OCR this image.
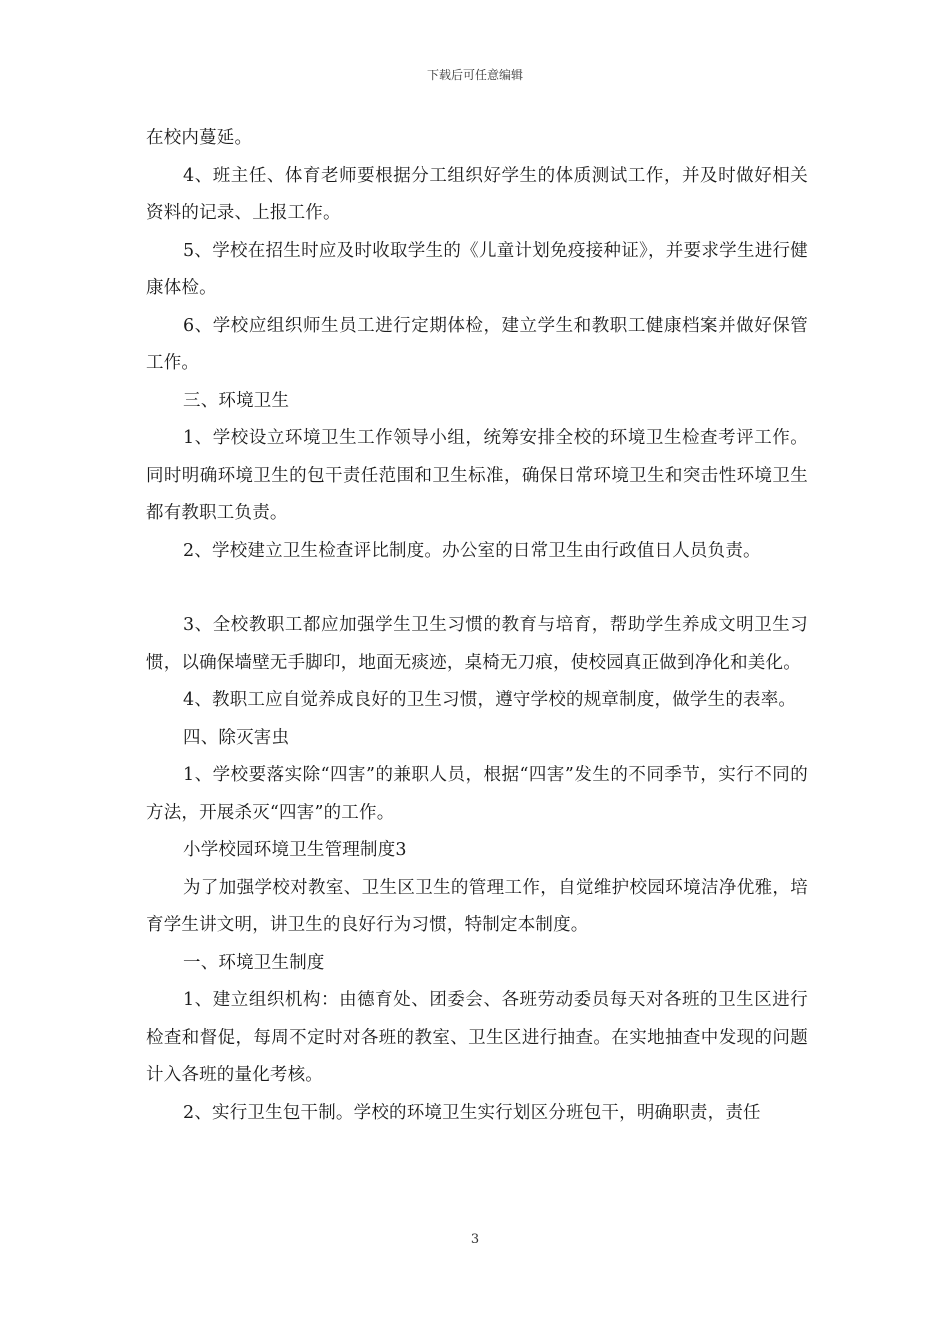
下载后可任意编辑

在校内蔓延。

4、班主任、体育老师要根据分工组织好学生的体质测试工作，并及时做好相关资料的记录、上报工作。

5、学校在招生时应及时收取学生的《儿童计划免疫接种证》，并要求学生进行健康体检。

6、学校应组织师生员工进行定期体检，建立学生和教职工健康档案并做好保管工作。

三、环境卫生

1、学校设立环境卫生工作领导小组，统筹安排全校的环境卫生检查考评工作。同时明确环境卫生的包干责任范围和卫生标准，确保日常环境卫生和突击性环境卫生都有教职工负责。

2、学校建立卫生检查评比制度。办公室的日常卫生由行政值日人员负责。

3、全校教职工都应加强学生卫生习惯的教育与培育，帮助学生养成文明卫生习惯，以确保墙壁无手脚印，地面无痰迹，桌椅无刀痕，使校园真正做到净化和美化。

4、教职工应自觉养成良好的卫生习惯，遵守学校的规章制度，做学生的表率。

四、除灭害虫

1、学校要落实除“四害”的兼职人员，根据“四害”发生的不同季节，实行不同的方法，开展杀灭“四害”的工作。

小学校园环境卫生管理制度3

为了加强学校对教室、卫生区卫生的管理工作，自觉维护校园环境洁净优雅，培育学生讲文明，讲卫生的良好行为习惯，特制定本制度。

一、环境卫生制度

1、建立组织机构：由德育处、团委会、各班劳动委员每天对各班的卫生区进行检查和督促，每周不定时对各班的教室、卫生区进行抽查。在实地抽查中发现的问题计入各班的量化考核。

2、实行卫生包干制。学校的环境卫生实行划区分班包干，明确职责，责任

3
